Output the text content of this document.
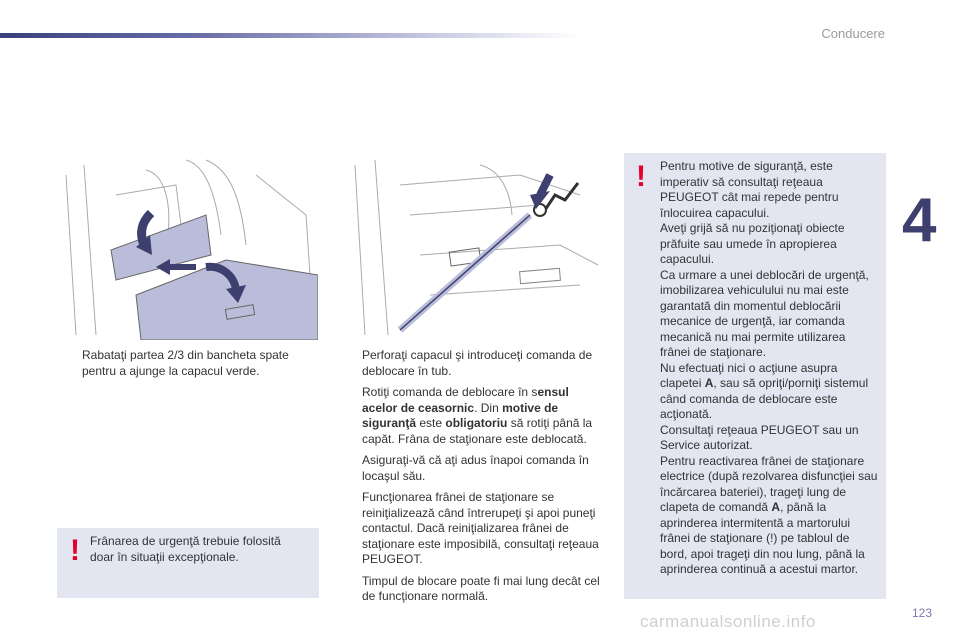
Conducere
4
Rabataţi partea 2/3 din bancheta spate pentru a ajunge la capacul verde.
Frânarea de urgenţă trebuie folosită doar în situaţii excepţionale.
!
Perforaţi capacul şi introduceţi comanda de deblocare în tub.
Rotiţi comanda de deblocare în sensul acelor de ceasornic. Din motive de siguranţă este obligatoriu să rotiţi până la capăt. Frâna de staţionare este deblocată.
Asiguraţi-vă că aţi adus înapoi comanda în locaşul său.
Funcţionarea frânei de staţionare se reiniţializează când întrerupeţi şi apoi puneţi contactul. Dacă reiniţializarea frânei de staţionare este imposibilă, consultaţi reţeaua PEUGEOT.
Timpul de blocare poate fi mai lung decât cel de funcţionare normală.
Pentru motive de siguranţă, este imperativ să consultaţi reţeaua PEUGEOT cât mai repede pentru înlocuirea capacului.
Aveţi grijă să nu poziţionaţi obiecte prăfuite sau umede în apropierea capacului.
Ca urmare a unei deblocări de urgenţă, imobilizarea vehiculului nu mai este garantată din momentul deblocării mecanice de urgenţă, iar comanda mecanică nu mai permite utilizarea frânei de staţionare.
Nu efectuaţi nici o acţiune asupra clapetei A, sau să opriţi/porniţi sistemul când comanda de deblocare este acţionată.
Consultaţi reţeaua PEUGEOT sau un Service autorizat.
Pentru reactivarea frânei de staţionare electrice (după rezolvarea disfuncţiei sau încărcarea bateriei), trageţi lung de clapeta de comandă A, până la aprinderea intermitentă a martorului frânei de staţionare (!) pe tabloul de bord, apoi trageţi din nou lung, până la aprinderea continuă a acestui martor.
!
123
carmanualsonline.info
